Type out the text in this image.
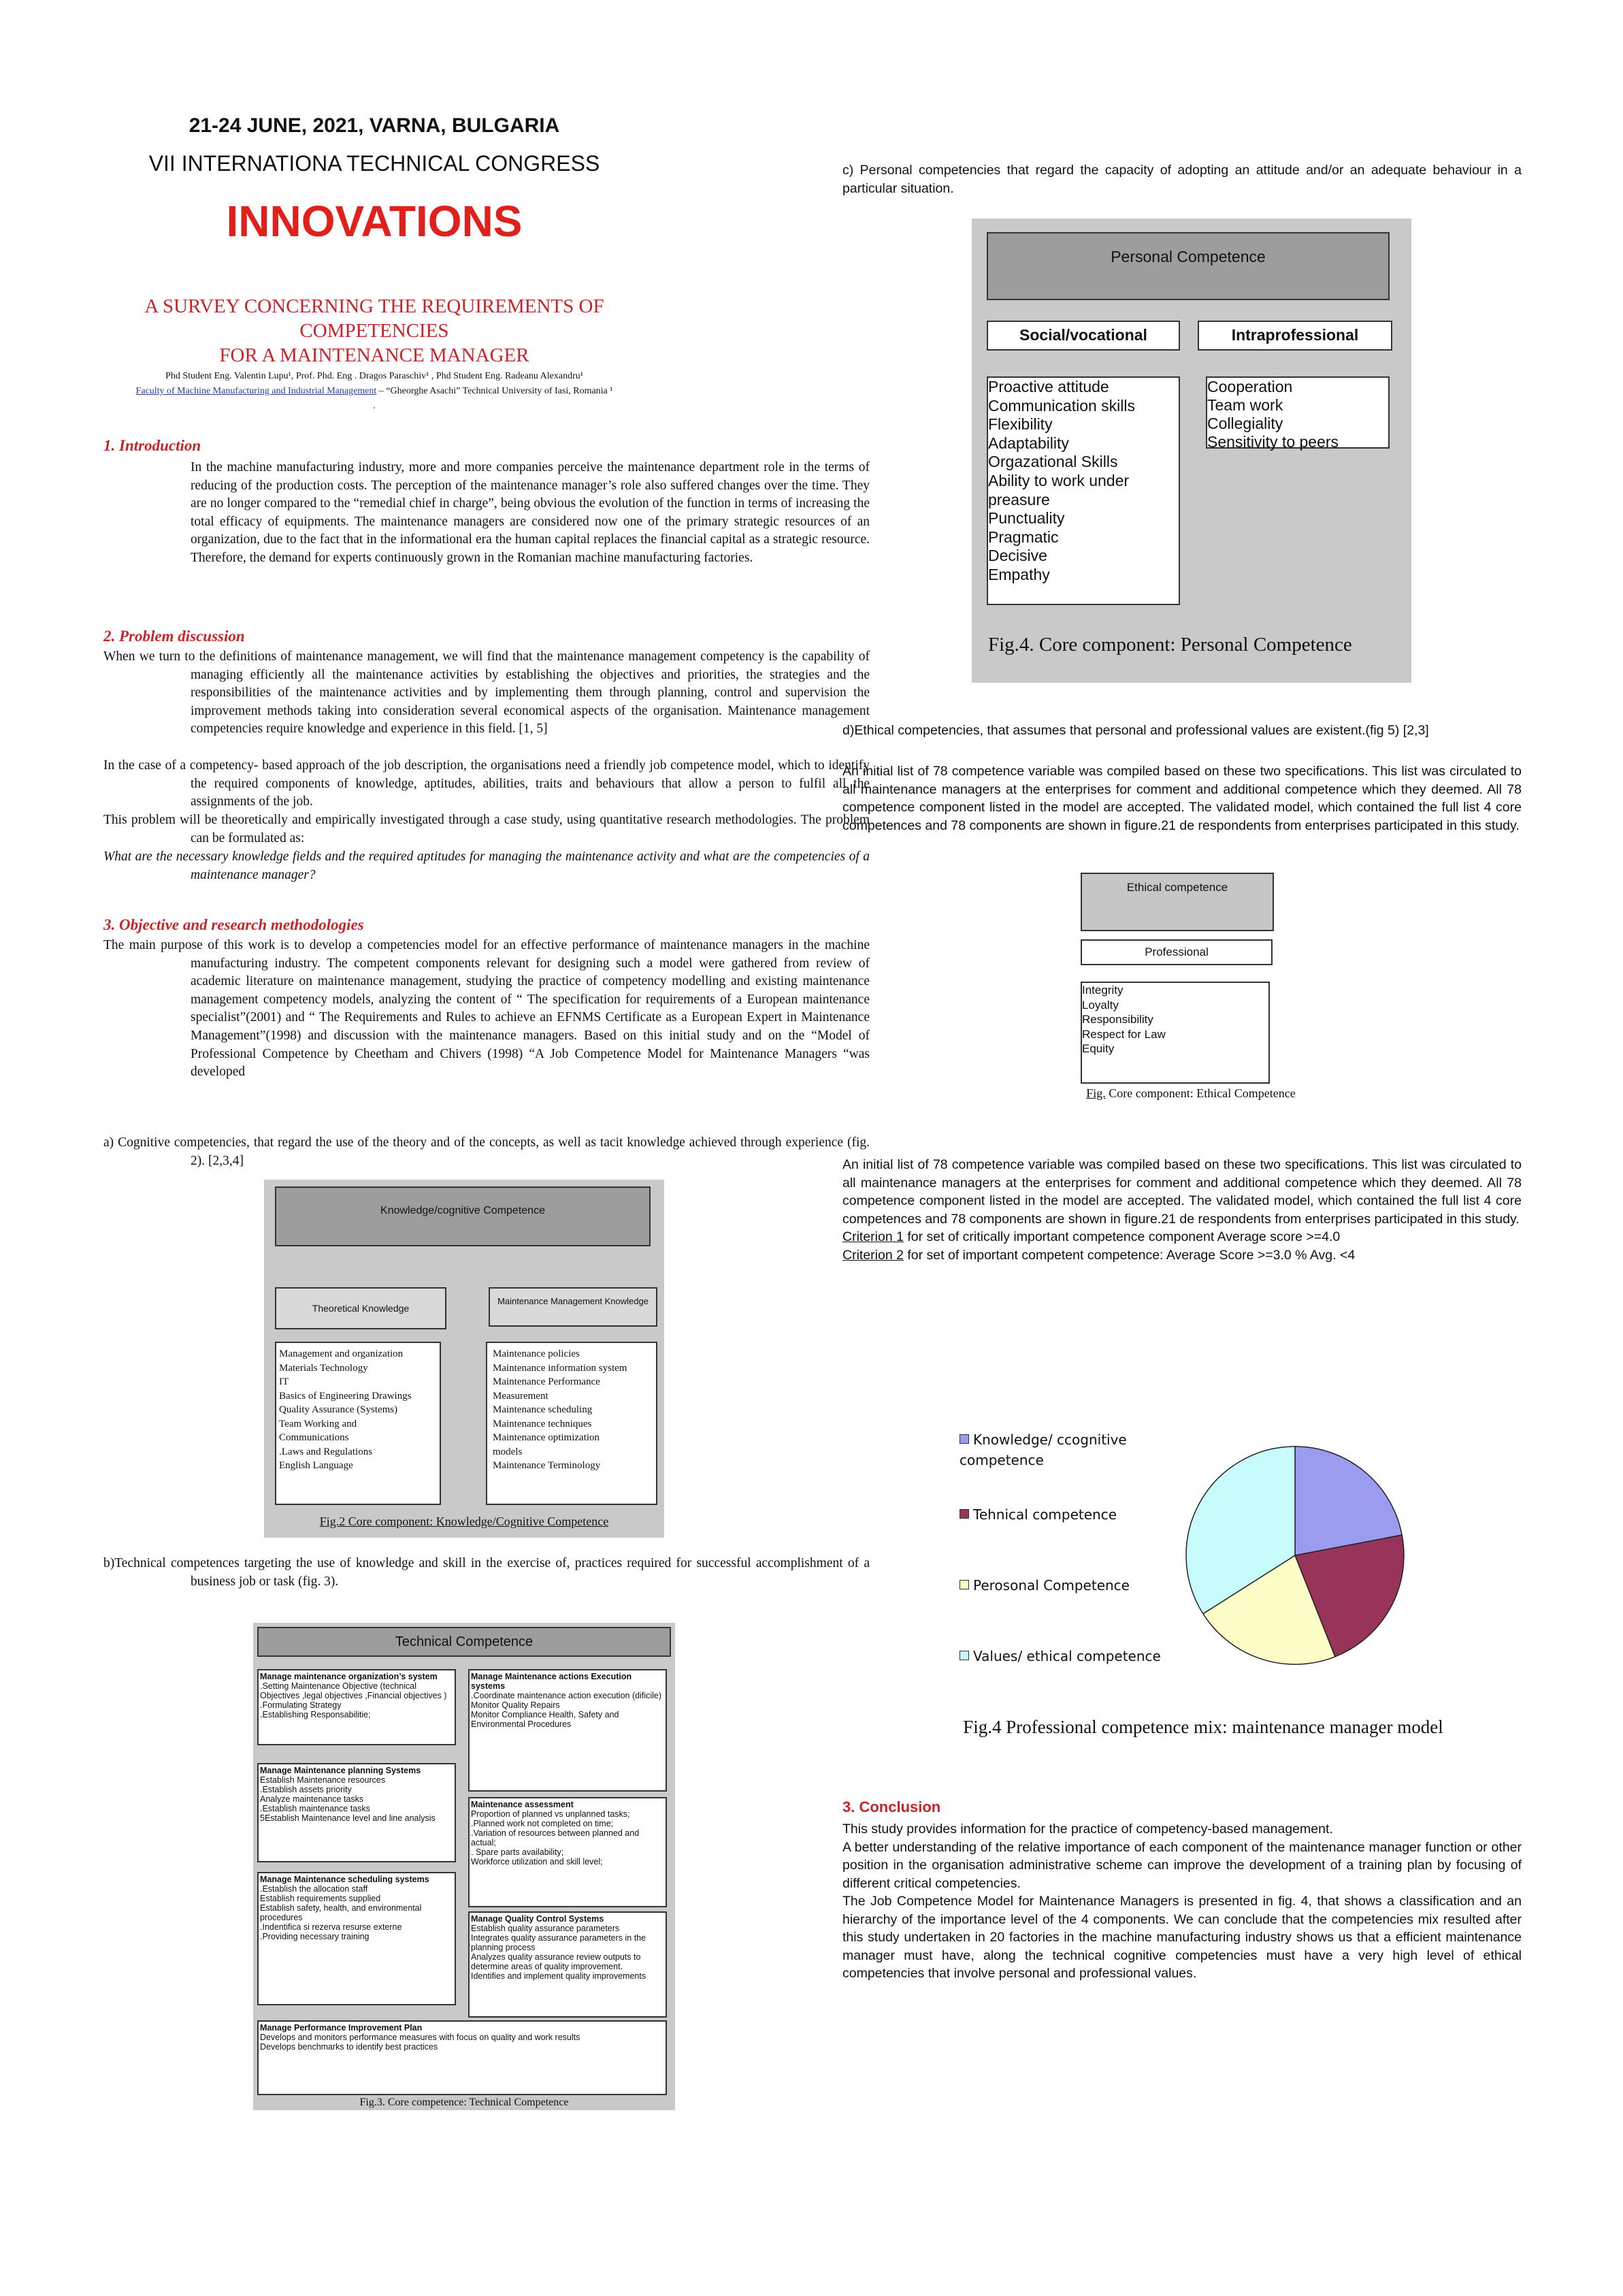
21-24 JUNE, 2021, VARNA, BULGARIA
VII INTERNATIONA TECHNICAL CONGRESS
INNOVATIONS
A SURVEY CONCERNING THE REQUIREMENTS OF COMPETENCIES
FOR A MAINTENANCE MANAGER
Phd Student Eng. Valentin Lupu¹, Prof. Phd. Eng . Dragos Paraschiv¹ , Phd Student Eng. Radeanu Alexandru¹
Faculty of Machine Manufacturing and Industrial Management – “Gheorghe Asachi” Technical University of Iasi, Romania ¹
.
1. Introduction
In the machine manufacturing industry, more and more companies perceive the maintenance department role in the terms of reducing of the production costs. The perception of the maintenance manager’s role also suffered changes over the time. They are no longer compared to the “remedial chief in charge”, being obvious the evolution of the function in terms of increasing the total efficacy of equipments. The maintenance managers are considered now one of the primary strategic resources of an organization, due to the fact that in the informational era the human capital replaces the financial capital as a strategic resource. Therefore, the demand for experts continuously grown in the Romanian machine manufacturing factories.
2. Problem discussion
When we turn to the definitions of maintenance management, we will find that the maintenance management competency is the capability of managing efficiently all the maintenance activities by establishing the objectives and priorities, the strategies and the responsibilities of the maintenance activities and by implementing them through planning, control and supervision the improvement methods taking into consideration several economical aspects of the organisation. Maintenance management competencies require knowledge and experience in this field. [1, 5]
In the case of a competency- based approach of the job description, the organisations need a friendly job competence model, which to identify the required components of knowledge, aptitudes, abilities, traits and behaviours that allow a person to fulfil all the assignments of the job.
This problem will be theoretically and empirically investigated through a case study, using quantitative research methodologies. The problem can be formulated as:
What are the necessary knowledge fields and the required aptitudes for managing the maintenance activity and what are the competencies of a maintenance manager?
3. Objective and research methodologies
The main purpose of this work is to develop a competencies model for an effective performance of maintenance managers in the machine manufacturing industry. The competent components relevant for designing such a model were gathered from review of academic literature on maintenance management, studying the practice of competency modelling and existing maintenance management competency models, analyzing the content of “ The specification for requirements of a European maintenance specialist”(2001) and “ The Requirements and Rules to achieve an EFNMS Certificate as a European Expert in Maintenance Management”(1998) and discussion with the maintenance managers. Based on this initial study and on the “Model of Professional Competence by Cheetham and Chivers (1998) “A Job Competence Model for Maintenance Managers “was developed
a) Cognitive competencies, that regard the use of the theory and of the concepts, as well as tacit knowledge achieved through experience (fig. 2). [2,3,4]
Knowledge/cognitive Competence
Theoretical Knowledge
Maintenance Management Knowledge
Management and organization
Materials Technology
IT
Basics of Engineering Drawings
Quality Assurance (Systems)
Team Working and
Communications
.Laws and Regulations
English Language
Maintenance policies
Maintenance information system
Maintenance Performance
Measurement
Maintenance scheduling
Maintenance techniques
Maintenance optimization
models
Maintenance Terminology
Fig.2 Core component: Knowledge/Cognitive Competence
b)Technical competences targeting the use of knowledge and skill in the exercise of, practices required for successful accomplishment of a business job or task (fig. 3).
Technical Competence
Manage maintenance organization’s system
.Setting Maintenance Objective (technical Objectives ,legal objectives ,Financial objectives )
.Formulating Strategy
.Establishing Responsabilitie;
Manage Maintenance actions Execution systems
.Coordinate maintenance action execution (dificile)
Monitor Quality Repairs
Monitor Compliance Health, Safety and Environmental Procedures
Manage Maintenance planning Systems
Establish Maintenance resources
.Establish assets priority
Analyze maintenance tasks
.Establish maintenance tasks
5Establish Maintenance level and line analysis
Maintenance assessment
Proportion of planned vs unplanned tasks;
.Planned work not completed on time;
.Variation of resources between planned and actual;
. Spare parts availability;
Workforce utilization and skill level;
Manage Maintenance scheduling systems
.Establish the allocation staff
Establish requirements supplied
Establish safety, health, and environmental procedures
.Indentifica si rezerva resurse externe
.Providing necessary training
Manage Quality Control Systems
Establish quality assurance parameters
Integrates quality assurance parameters in the planning process
Analyzes quality assurance review outputs to determine areas of quality improvement.
Identifies and implement quality improvements
Manage Performance Improvement Plan
Develops and monitors performance measures with focus on quality and work results
Develops benchmarks to identify best practices
Fig.3. Core competence: Technical Competence
c) Personal competencies that regard the capacity of adopting an attitude and/or an adequate behaviour in a particular situation.
Personal Competence
Social/vocational	Intraprofessional
Proactive attitude
Communication skills
Flexibility
Adaptability
Orgazational Skills
Ability to work under preasure
Punctuality
Pragmatic
Decisive
Empathy
Cooperation
Team work
Collegiality
Sensitivity to peers
Fig.4. Core component: Personal Competence
d)Ethical competencies, that assumes that personal and professional values are existent.(fig 5) [2,3]
An initial list of 78 competence variable was compiled based on these two specifications. This list was circulated to all maintenance managers at the enterprises for comment and additional competence which they deemed. All 78 competence component listed in the model are accepted. The validated model, which contained the full list 4 core competences and 78 components are shown in figure.21 de respondents from enterprises participated in this study.
Ethical competence
Professional
Integrity
Loyalty
Responsibility
Respect for Law
Equity
Fig. Core component: Ethical Competence
An initial list of 78 competence variable was compiled based on these two specifications. This list was circulated to all maintenance managers at the enterprises for comment and additional competence which they deemed. All 78 competence component listed in the model are accepted. The validated model, which contained the full list 4 core competences and 78 components are shown in figure.21 de respondents from enterprises participated in this study.
Criterion 1 for set of critically important competence component Average score >=4.0
Criterion 2 for set of important competent competence: Average Score >=3.0 % Avg. <4
Knowledge/ ccognitive competence
Tehnical competence
Perosonal Competence
Values/ ethical competence
Fig.4 Professional competence mix: maintenance manager model
3. Conclusion
This study provides information for the practice of competency-based management.
A better understanding of the relative importance of each component of the maintenance manager function or other position in the organisation administrative scheme can improve the development of a training plan by focusing of different critical competencies.
The Job Competence Model for Maintenance Managers is presented in fig. 4, that shows a classification and an hierarchy of the importance level of the 4 components. We can conclude that the competencies mix resulted after this study undertaken in 20 factories in the machine manufacturing industry shows us that a efficient maintenance manager must have, along the technical cognitive competencies must have a very high level of ethical competencies that involve personal and professional values.
